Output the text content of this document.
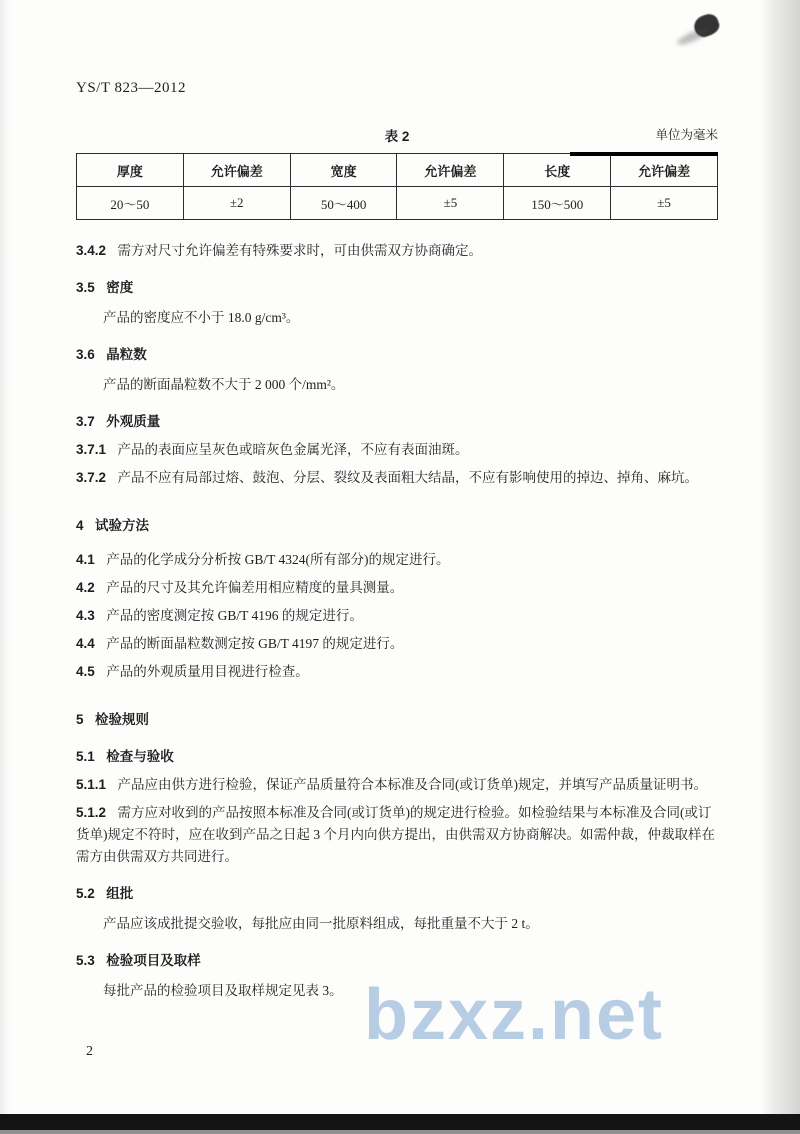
YS/T 823—2012
表 2	单位为毫米
厚度	允许偏差	宽度	允许偏差	长度	允许偏差
20～50	±2	50～400	±5	150～500	±5

3.4.2 需方对尺寸允许偏差有特殊要求时，可由供需双方协商确定。

3.5 密度

产品的密度应不小于 18.0 g/cm³。

3.6 晶粒数

产品的断面晶粒数不大于 2 000 个/mm²。

3.7 外观质量

3.7.1 产品的表面应呈灰色或暗灰色金属光泽，不应有表面油斑。

3.7.2 产品不应有局部过熔、鼓泡、分层、裂纹及表面粗大结晶，不应有影响使用的掉边、掉角、麻坑。

4 试验方法

4.1 产品的化学成分分析按 GB/T 4324(所有部分)的规定进行。

4.2 产品的尺寸及其允许偏差用相应精度的量具测量。

4.3 产品的密度测定按 GB/T 4196 的规定进行。

4.4 产品的断面晶粒数测定按 GB/T 4197 的规定进行。

4.5 产品的外观质量用目视进行检查。

5 检验规则

5.1 检查与验收

5.1.1 产品应由供方进行检验，保证产品质量符合本标准及合同(或订货单)规定，并填写产品质量证明书。

5.1.2 需方应对收到的产品按照本标准及合同(或订货单)的规定进行检验。如检验结果与本标准及合同(或订货单)规定不符时，应在收到产品之日起 3 个月内向供方提出，由供需双方协商解决。如需仲裁，仲裁取样在需方由供需双方共同进行。

5.2 组批

产品应该成批提交验收，每批应由同一批原料组成，每批重量不大于 2 t。

5.3 检验项目及取样

每批产品的检验项目及取样规定见表 3。

2	bzxz.net
